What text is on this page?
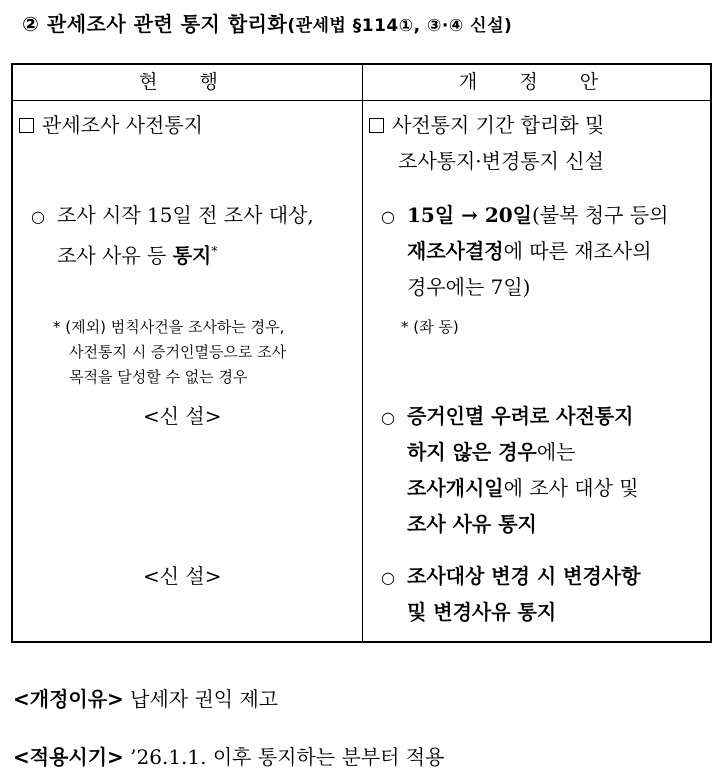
② 관세조사 관련 통지 합리화(관세법 §114①, ③·④ 신설)
현 행	개 정 안
관세조사 사전통지
○ 조사 시작 15일 전 조사 대상,
조사 사유 등 통지*
* (제외) 범칙사건을 조사하는 경우,
사전통지 시 증거인멸등으로 조사
목적을 달성할 수 없는 경우
<신 설>
<신 설>
사전통지 기간 합리화 및
조사통지·변경통지 신설
○ 15일 → 20일(불복 청구 등의
재조사결정에 따른 재조사의
경우에는 7일)
* (좌 동)
○ 증거인멸 우려로 사전통지
하지 않은 경우에는
조사개시일에 조사 대상 및
조사 사유 통지
○ 조사대상 변경 시 변경사항
및 변경사유 통지
<개정이유> 납세자 권익 제고
<적용시기> ’26.1.1. 이후 통지하는 분부터 적용
